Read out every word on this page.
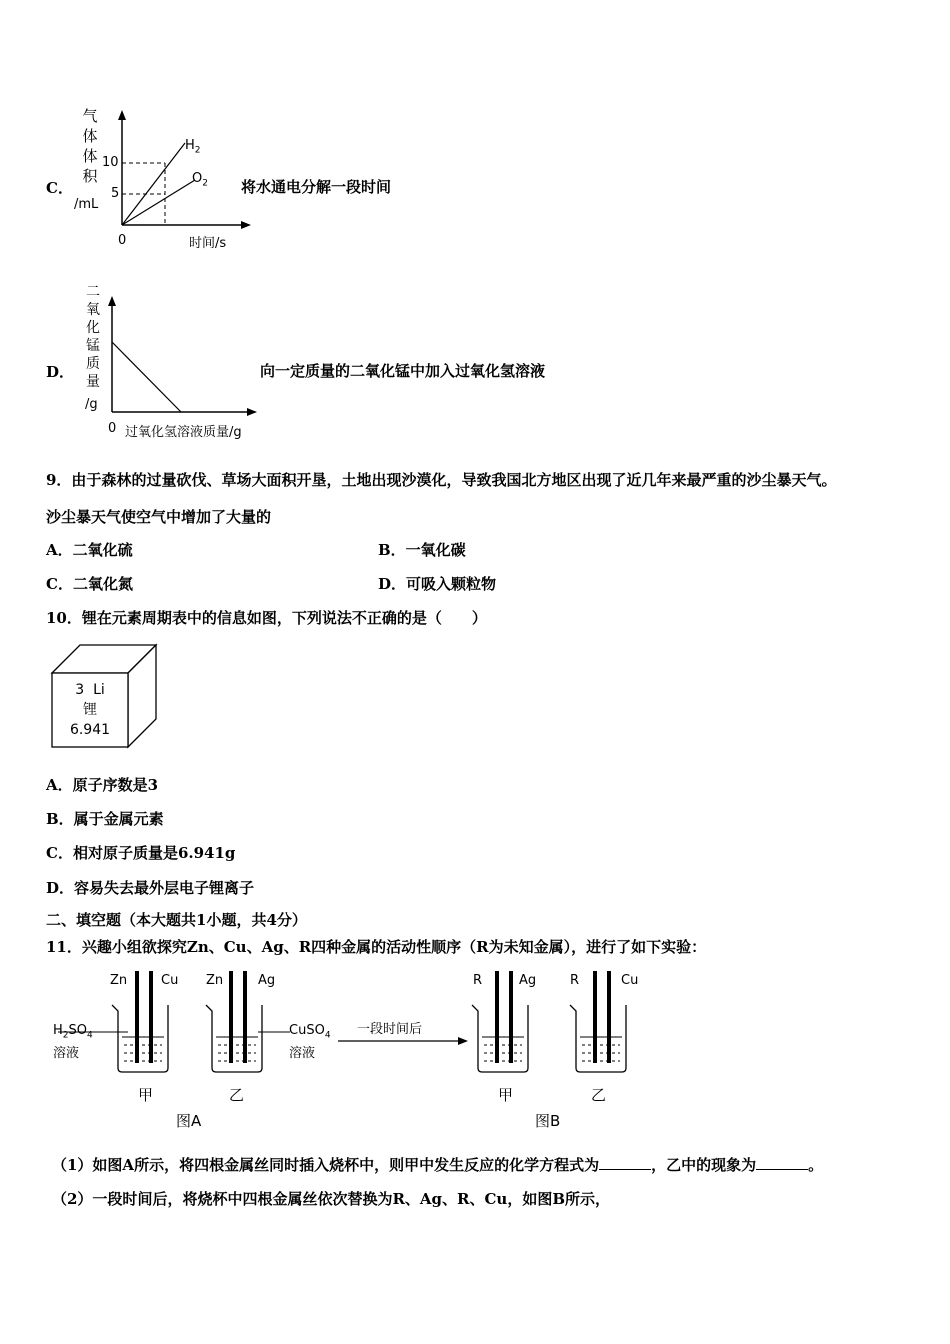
C．
气
体
体
积
/mL
10
5
0	时间/s
$H_2$
$O_2$ 将水通电分解一段时间
D．
二
氧
化
锰
质
量
/g
0 过氧化氢溶液质量/g
向一定质量的二氧化锰中加入过氧化氢溶液
9．由于森林的过量砍伐、草场大面积开垦，土地出现沙漠化，导致我国北方地区出现了近几年来最严重的沙尘暴天气。
沙尘暴天气使空气中增加了大量的
A．二氧化硫	B．一氧化碳
C．二氧化氮	D．可吸入颗粒物
10．锂在元素周期表中的信息如图，下列说法不正确的是（　　）
3 Li
锂
6.941
A．原子序数是3
B．属于金属元素
C．相对原子质量是6.941g
D．容易失去最外层电子锂离子
二、填空题（本大题共1小题，共4分）
11．兴趣小组欲探究Zn、Cu、Ag、R四种金属的活动性顺序（R为未知金属），进行了如下实验：
Zn	Cu Zn	Ag
$H_2SO_4$
溶液
CuSO$_4$
溶液
一段时间后
R	Ag	R	Cu
甲	乙	甲	乙
图A	图B
（1）如图A所示，将四根金属丝同时插入烧杯中，则甲中发生反应的化学方程式为	，乙中的现象为	。
（2）一段时间后，将烧杯中四根金属丝依次替换为R、Ag、R、Cu，如图B所示，
